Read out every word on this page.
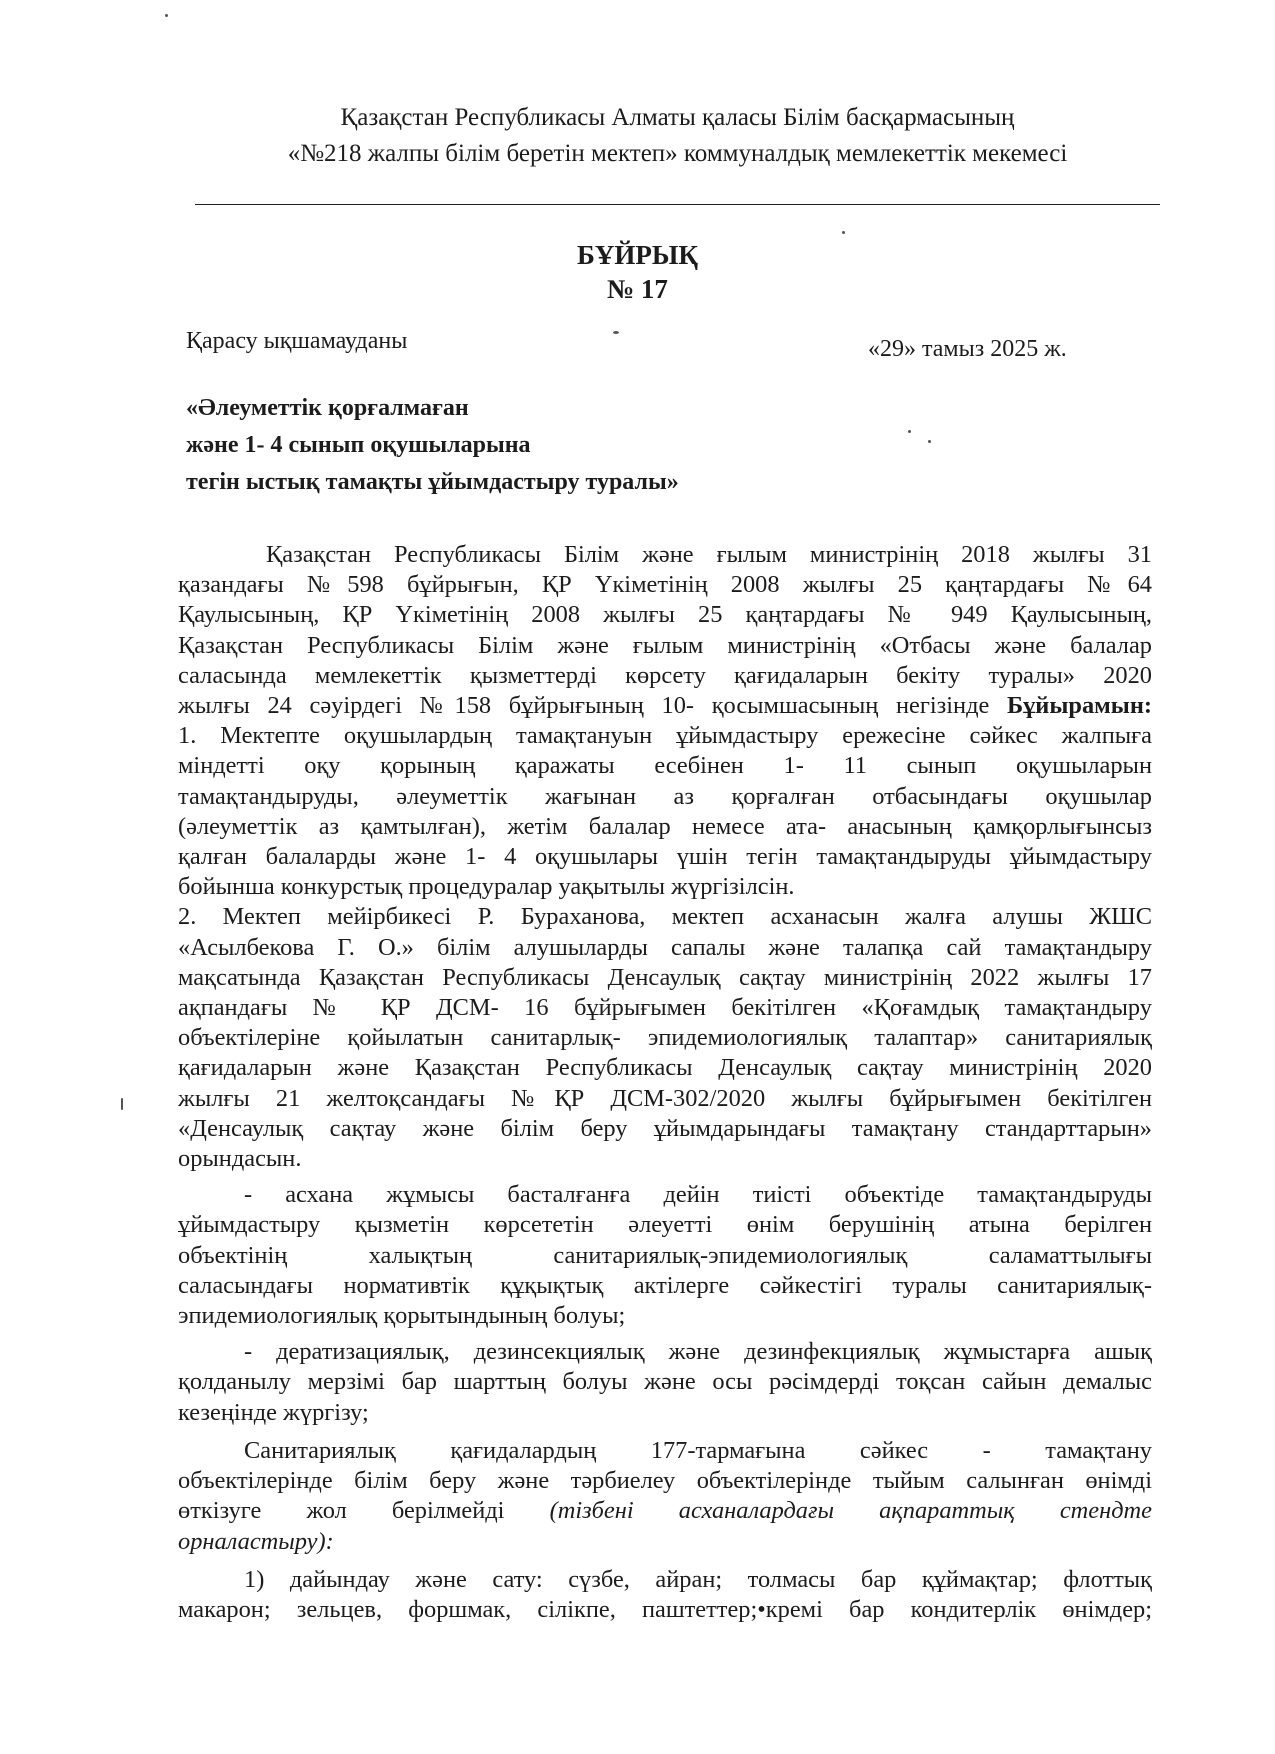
Қазақстан Республикасы Алматы қаласы Білім басқармасының
«№218 жалпы білім беретін мектеп» коммуналдық мемлекеттік мекемесі
БҰЙРЫҚ
№ 17
Қарасу ықшамауданы	«29» тамыз 2025 ж.
«Әлеуметтік қорғалмаған
және 1- 4 сынып оқушыларына
тегін ыстық тамақты ұйымдастыру туралы»

Қазақстан Республикасы Білім және ғылым министрінің 2018 жылғы 31

қазандағы №598 бұйрығын, ҚР Үкіметінің 2008 жылғы 25 қаңтардағы №64

Қаулысының, ҚР Үкіметінің 2008 жылғы 25 қаңтардағы № 949 Қаулысының,

Қазақстан Республикасы Білім және ғылым министрінің «Отбасы және балалар

саласында мемлекеттік қызметтерді көрсету қағидаларын бекіту туралы» 2020

жылғы 24 сәуірдегі №158 бұйрығының 10- қосымшасының негізінде Бұйырамын:

1. Мектепте оқушылардың тамақтануын ұйымдастыру ережесіне сәйкес жалпыға

міндетті оқу қорының қаражаты есебінен 1- 11 сынып оқушыларын

тамақтандыруды, әлеуметтік жағынан аз қорғалған отбасындағы оқушылар

(әлеуметтік аз қамтылған), жетім балалар немесе ата- анасының қамқорлығынсыз

қалған балаларды және 1- 4 оқушылары үшін тегін тамақтандыруды ұйымдастыру

бойынша конкурстық процедуралар уақытылы жүргізілсін.

2. Мектеп мейірбикесі Р. Бураханова, мектеп асханасын жалға алушы ЖШС

«Асылбекова Г. О.» білім алушыларды сапалы және талапқа сай тамақтандыру

мақсатында Қазақстан Республикасы Денсаулық сақтау министрінің 2022 жылғы 17

ақпандағы № ҚР ДСМ- 16 бұйрығымен бекітілген «Қоғамдық тамақтандыру

объектілеріне қойылатын санитарлық- эпидемиологиялық талаптар» санитариялық

қағидаларын және Қазақстан Республикасы Денсаулық сақтау министрінің 2020

жылғы 21 желтоқсандағы №ҚР ДСМ-302/2020 жылғы бұйрығымен бекітілген

«Денсаулық сақтау және білім беру ұйымдарындағы тамақтану стандарттарын»

орындасын.

- асхана жұмысы басталғанға дейін тиісті объектіде тамақтандыруды

ұйымдастыру қызметін көрсететін әлеуетті өнім берушінің атына берілген

объектінің халықтың санитариялық-эпидемиологиялық саламаттылығы

саласындағы нормативтік құқықтық актілерге сәйкестігі туралы санитариялық-

эпидемиологиялық қорытындының болуы;

- дератизациялық, дезинсекциялық және дезинфекциялық жұмыстарға ашық

қолданылу мерзімі бар шарттың болуы және осы рәсімдерді тоқсан сайын демалыс

кезеңінде жүргізу;

Санитариялық қағидалардың 177-тармағына сәйкес - тамақтану

объектілерінде білім беру және тәрбиелеу объектілерінде тыйым салынған өнімді

өткізуге жол берілмейді (тізбені асханалардағы ақпараттық стендте

орналастыру):

1) дайындау және сату: сүзбе, айран; толмасы бар құймақтар; флоттық

макарон; зельцев, форшмак, сілікпе, паштеттер;•кремі бар кондитерлік өнімдер;
